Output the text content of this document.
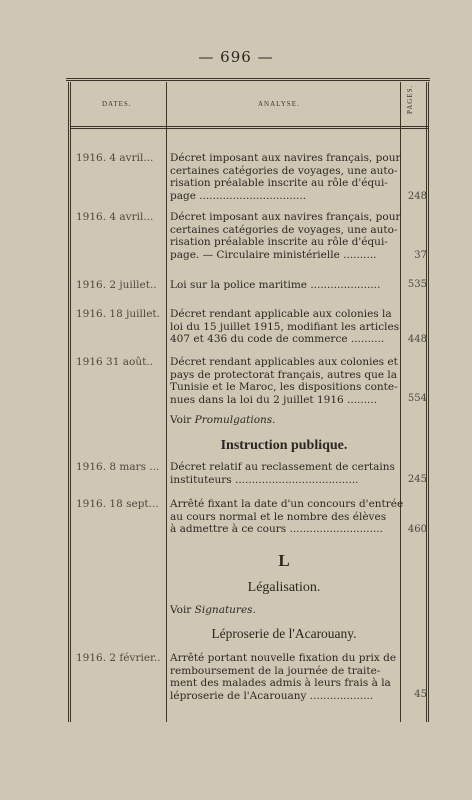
— 696 —
DATES.	ANALYSE.	PAGES.
1916. 4 avril...	Décret imposant aux navires français, pour
certaines catégories de voyages, une auto-
risation préalable inscrite au rôle d'équi-
page ................................	248
1916. 4 avril...	Décret imposant aux navires français, pour
certaines catégories de voyages, une auto-
risation préalable inscrite au rôle d'équi-
page. — Circulaire ministérielle ..........	37
1916. 2 juillet..	Loi sur la police maritime .....................	535
1916. 18 juillet. Décret rendant applicable aux colonies la
loi du 15 juillet 1915, modifiant les articles
407 et 436 du code de commerce ..........	448
1916 31 août..	Décret rendant applicables aux colonies et
pays de protectorat français, autres que la
Tunisie et le Maroc, les dispositions conte-
nues dans la loi du 2 juillet 1916 .........	554
Voir Promulgations.
Instruction publique.
1916. 8 mars ...	Décret relatif au reclassement de certains
instituteurs .....................................	245
1916. 18 sept...	Arrêté fixant la date d'un concours d'entrée
au cours normal et le nombre des élèves
à admettre à ce cours ............................	460
L
Légalisation.
Voir Signatures.
Léproserie de l'Acarouany.
1916. 2 février.. Arrêté portant nouvelle fixation du prix de
remboursement de la journée de traite-
ment des malades admis à leurs frais à la
léproserie de l'Acarouany ...................	45
